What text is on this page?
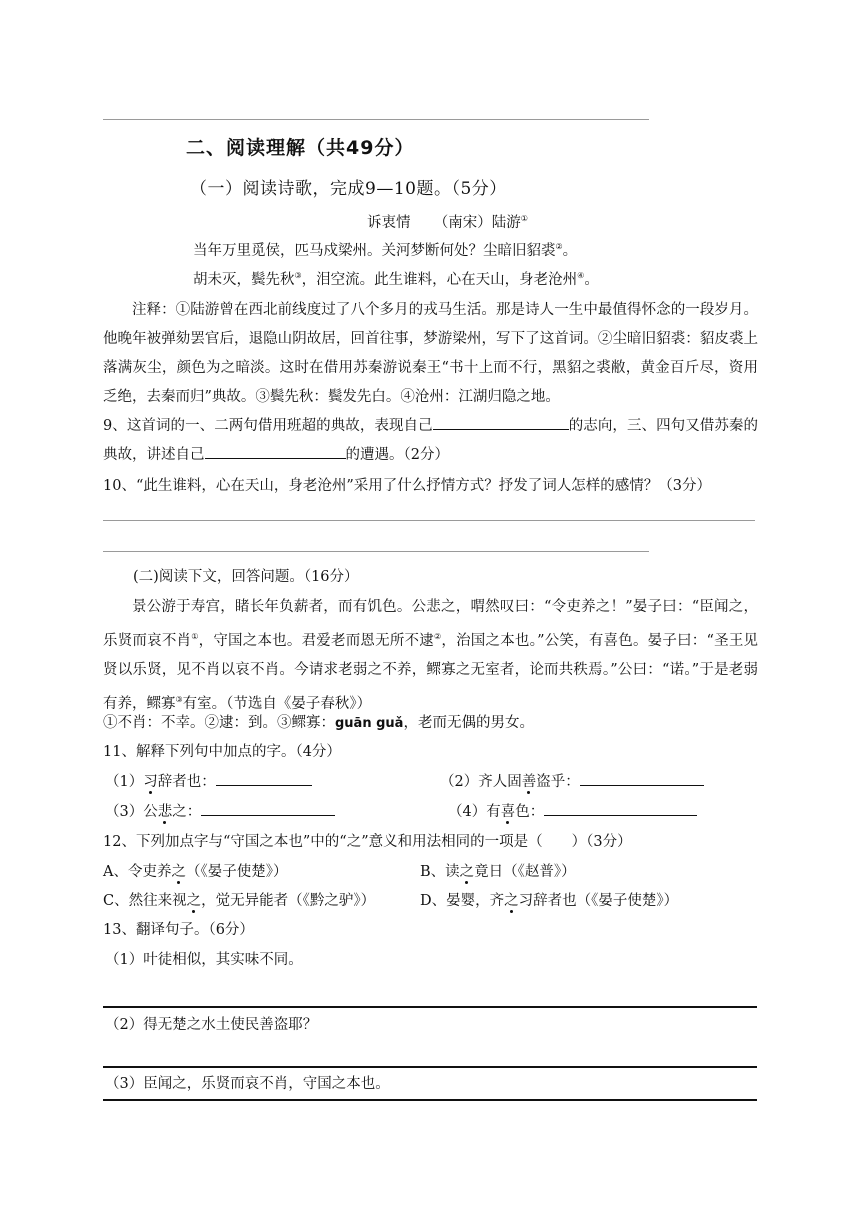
二、阅读理解（共49分）
（一）阅读诗歌，完成9—10题。（5分）
诉衷情 （南宋）陆游①
当年万里觅侯，匹马戍梁州。关河梦断何处？尘暗旧貂裘②。
胡未灭，鬓先秋③，泪空流。此生谁料，心在天山，身老沧州④。
注释：①陆游曾在西北前线度过了八个多月的戎马生活。那是诗人一生中最值得怀念的一段岁月。他晚年被弹劾罢官后，退隐山阴故居，回首往事，梦游梁州，写下了这首词。②尘暗旧貂裘：貂皮裘上落满灰尘，颜色为之暗淡。这时在借用苏秦游说秦王“书十上而不行，黑貂之裘敝，黄金百斤尽，资用乏绝，去秦而归”典故。③鬓先秋：鬓发先白。④沧州：江湖归隐之地。
9、这首词的一、二两句借用班超的典故，表现自己	的志向，三、四句又借苏秦的典故，讲述自己	的遭遇。（2分）
10、“此生谁料，心在天山，身老沧州”采用了什么抒情方式？抒发了词人怎样的感情？（3分）
(二)阅读下文，回答问题。（16分）
景公游于寿宫，睹长年负薪者，而有饥色。公悲之，喟然叹曰：“令吏养之！”晏子曰：“臣闻之，乐贤而哀不肖①，守国之本也。君爱老而恩无所不逮②，治国之本也。”公笑，有喜色。晏子曰：“圣王见贤以乐贤，见不肖以哀不肖。今请求老弱之不养，鳏寡之无室者，论而共秩焉。”公曰：“诺。”于是老弱有养，鳏寡③有室。（节选自《晏子春秋》）
①不肖：不幸。②逮：到。③鳏寡：guān guǎ，老而无偶的男女。
11、解释下列句中加点的字。（4分）
（1）习辞者也：	（2）齐人固善盗乎：
（3）公悲之：	（4）有喜色：
12、下列加点字与“守国之本也”中的“之”意义和用法相同的一项是（　　）（3分）
A、令吏养之（《晏子使楚》）	B、读之竟日（《赵普》）
C、然往来视之，觉无异能者（《黔之驴》）	D、晏婴，齐之习辞者也（《晏子使楚》）
13、翻译句子。（6分）
（1）叶徒相似，其实味不同。
（2）得无楚之水土使民善盗耶？
（3）臣闻之，乐贤而哀不肖，守国之本也。
